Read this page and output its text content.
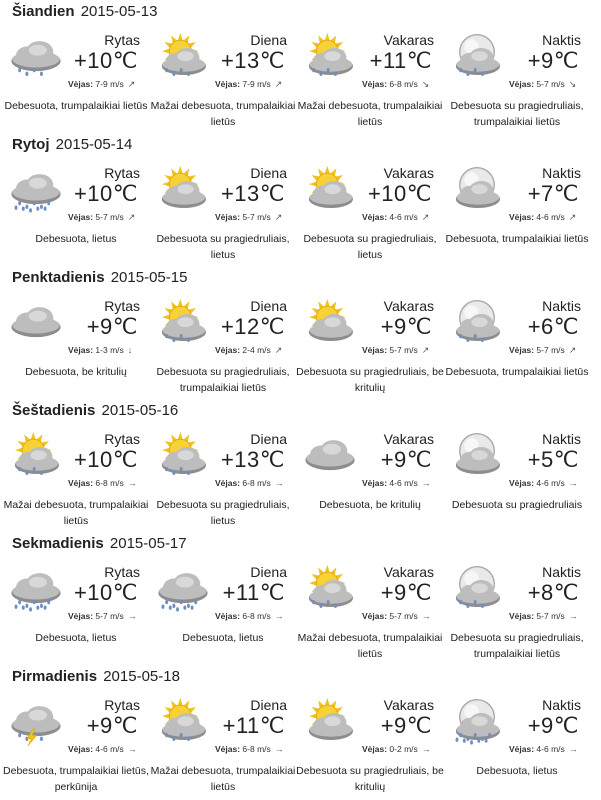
Šiandien 2015-05-13
Rytas
+10℃
Vėjas: 7-9 m/s ↗
Debesuota, trumpalaikiai lietūs
Diena
+13℃
Vėjas: 7-9 m/s ↗
Mažai debesuota, trumpalaikiai lietūs
Vakaras
+11℃
Vėjas: 6-8 m/s ↘
Mažai debesuota, trumpalaikiai lietūs
Naktis
+9℃
Vėjas: 5-7 m/s ↘
Debesuota su pragiedruliais, trumpalaikiai lietūs
Rytoj 2015-05-14
Rytas
+10℃
Vėjas: 5-7 m/s ↗
Debesuota, lietus
Diena
+13℃
Vėjas: 5-7 m/s ↗
Debesuota su pragiedruliais, lietus
Vakaras
+10℃
Vėjas: 4-6 m/s ↗
Debesuota su pragiedruliais, lietus
Naktis
+7℃
Vėjas: 4-6 m/s ↗
Debesuota, trumpalaikiai lietūs
Penktadienis 2015-05-15
Rytas
+9℃
Vėjas: 1-3 m/s ↓
Debesuota, be kritulių
Diena
+12℃
Vėjas: 2-4 m/s ↗
Debesuota su pragiedruliais, trumpalaikiai lietūs
Vakaras
+9℃
Vėjas: 5-7 m/s ↗
Debesuota su pragiedruliais, be kritulių
Naktis
+6℃
Vėjas: 5-7 m/s ↗
Debesuota, trumpalaikiai lietūs
Šeštadienis 2015-05-16
Rytas
+10℃
Vėjas: 6-8 m/s →
Mažai debesuota, trumpalaikiai lietūs
Diena
+13℃
Vėjas: 6-8 m/s →
Debesuota su pragiedruliais, lietus
Vakaras
+9℃
Vėjas: 4-6 m/s →
Debesuota, be kritulių
Naktis
+5℃
Vėjas: 4-6 m/s →
Debesuota su pragiedruliais
Sekmadienis 2015-05-17
Rytas
+10℃
Vėjas: 5-7 m/s →
Debesuota, lietus
Diena
+11℃
Vėjas: 6-8 m/s →
Debesuota, lietus
Vakaras
+9℃
Vėjas: 5-7 m/s →
Mažai debesuota, trumpalaikiai lietūs
Naktis
+8℃
Vėjas: 5-7 m/s →
Debesuota su pragiedruliais, trumpalaikiai lietūs
Pirmadienis 2015-05-18
Rytas
+9℃
Vėjas: 4-6 m/s →
Debesuota, trumpalaikiai lietūs, perkūnija
Diena
+11℃
Vėjas: 6-8 m/s →
Mažai debesuota, trumpalaikiai lietūs
Vakaras
+9℃
Vėjas: 0-2 m/s →
Debesuota su pragiedruliais, be kritulių
Naktis
+9℃
Vėjas: 4-6 m/s →
Debesuota, lietus
